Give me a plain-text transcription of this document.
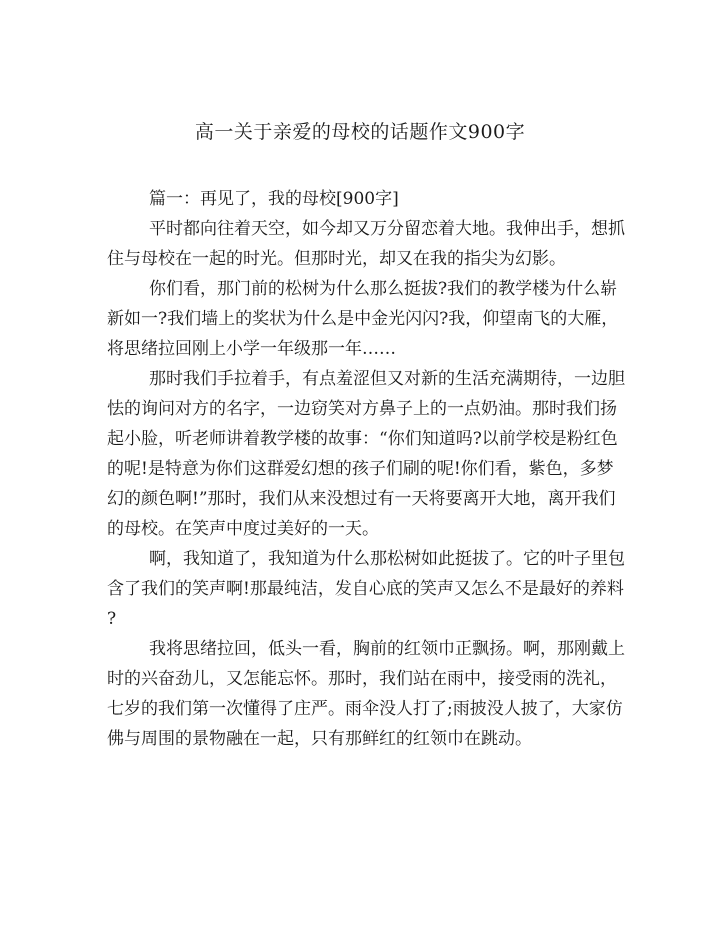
高一关于亲爱的母校的话题作文900字
篇一：再见了，我的母校[900字]
平时都向往着天空，如今却又万分留恋着大地。我伸出手，想抓
住与母校在一起的时光。但那时光，却又在我的指尖为幻影。
你们看，那门前的松树为什么那么挺拔?我们的教学楼为什么崭
新如一?我们墙上的奖状为什么是中金光闪闪?我，仰望南飞的大雁，
将思绪拉回刚上小学一年级那一年……
那时我们手拉着手，有点羞涩但又对新的生活充满期待，一边胆
怯的询问对方的名字，一边窃笑对方鼻子上的一点奶油。那时我们扬
起小脸，听老师讲着教学楼的故事：“你们知道吗?以前学校是粉红色
的呢!是特意为你们这群爱幻想的孩子们刷的呢!你们看，紫色，多梦
幻的颜色啊!”那时，我们从来没想过有一天将要离开大地，离开我们
的母校。在笑声中度过美好的一天。
啊，我知道了，我知道为什么那松树如此挺拔了。它的叶子里包
含了我们的笑声啊!那最纯洁，发自心底的笑声又怎么不是最好的养料
?
我将思绪拉回，低头一看，胸前的红领巾正飘扬。啊，那刚戴上
时的兴奋劲儿，又怎能忘怀。那时，我们站在雨中，接受雨的洗礼，
七岁的我们第一次懂得了庄严。雨伞没人打了;雨披没人披了，大家仿
佛与周围的景物融在一起，只有那鲜红的红领巾在跳动。
